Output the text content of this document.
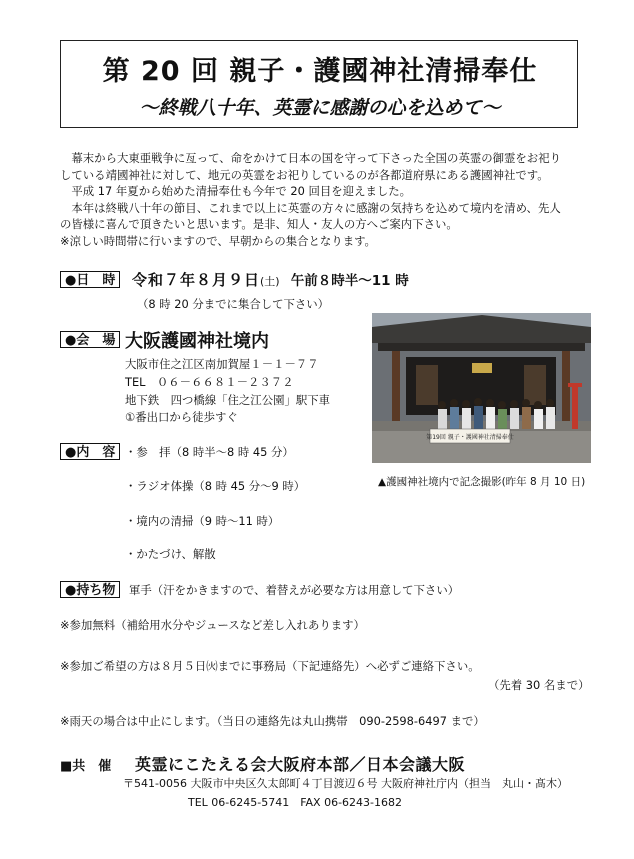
第 20 回 親子・護國神社清掃奉仕
～終戦八十年、英霊に感謝の心を込めて～
　幕末から大東亜戦争に亙って、命をかけて日本の国を守って下さった全国の英霊の御霊をお祀り
している靖國神社に対して、地元の英霊をお祀りしているのが各都道府県にある護國神社です。
　平成 17 年夏から始めた清掃奉仕も今年で 20 回目を迎えました。
　本年は終戦八十年の節目、これまで以上に英霊の方々に感謝の気持ちを込めて境内を清め、先人
の皆様に喜んで頂きたいと思います。是非、知人・友人の方へご案内下さい。
※涼しい時間帯に行いますので、早朝からの集合となります。
●日　時	令和７年８月９日(土) 午前８時半～11 時
（8 時 20 分までに集合して下さい）
●会　場 大阪護國神社境内
大阪市住之江区南加賀屋１－１－７７
TEL　０６－６６８１－２３７２
地下鉄　四つ橋線「住之江公園」駅下車
①番出口から徒歩すぐ
第19回 親子・護國神社清掃奉仕
▲護國神社境内で記念撮影(昨年 8 月 10 日)
●内　容 ・参　拝（8 時半～8 時 45 分）
・ラジオ体操（8 時 45 分～9 時）
・境内の清掃（9 時～11 時）
・かたづけ、解散
●持ち物	軍手（汗をかきますので、着替えが必要な方は用意して下さい）
※参加無料（補給用水分やジュースなど差し入れあります）
※参加ご希望の方は８月５日㈫までに事務局（下記連絡先）へ必ずご連絡下さい。
（先着 30 名まで）
※雨天の場合は中止にします。（当日の連絡先は丸山携帯　090-2598-6497 まで）
■共　催 英霊にこたえる会大阪府本部／日本会議大阪
〒541-0056 大阪市中央区久太郎町４丁目渡辺６号 大阪府神社庁内（担当　丸山・髙木）
TEL 06-6245-5741　FAX 06-6243-1682
